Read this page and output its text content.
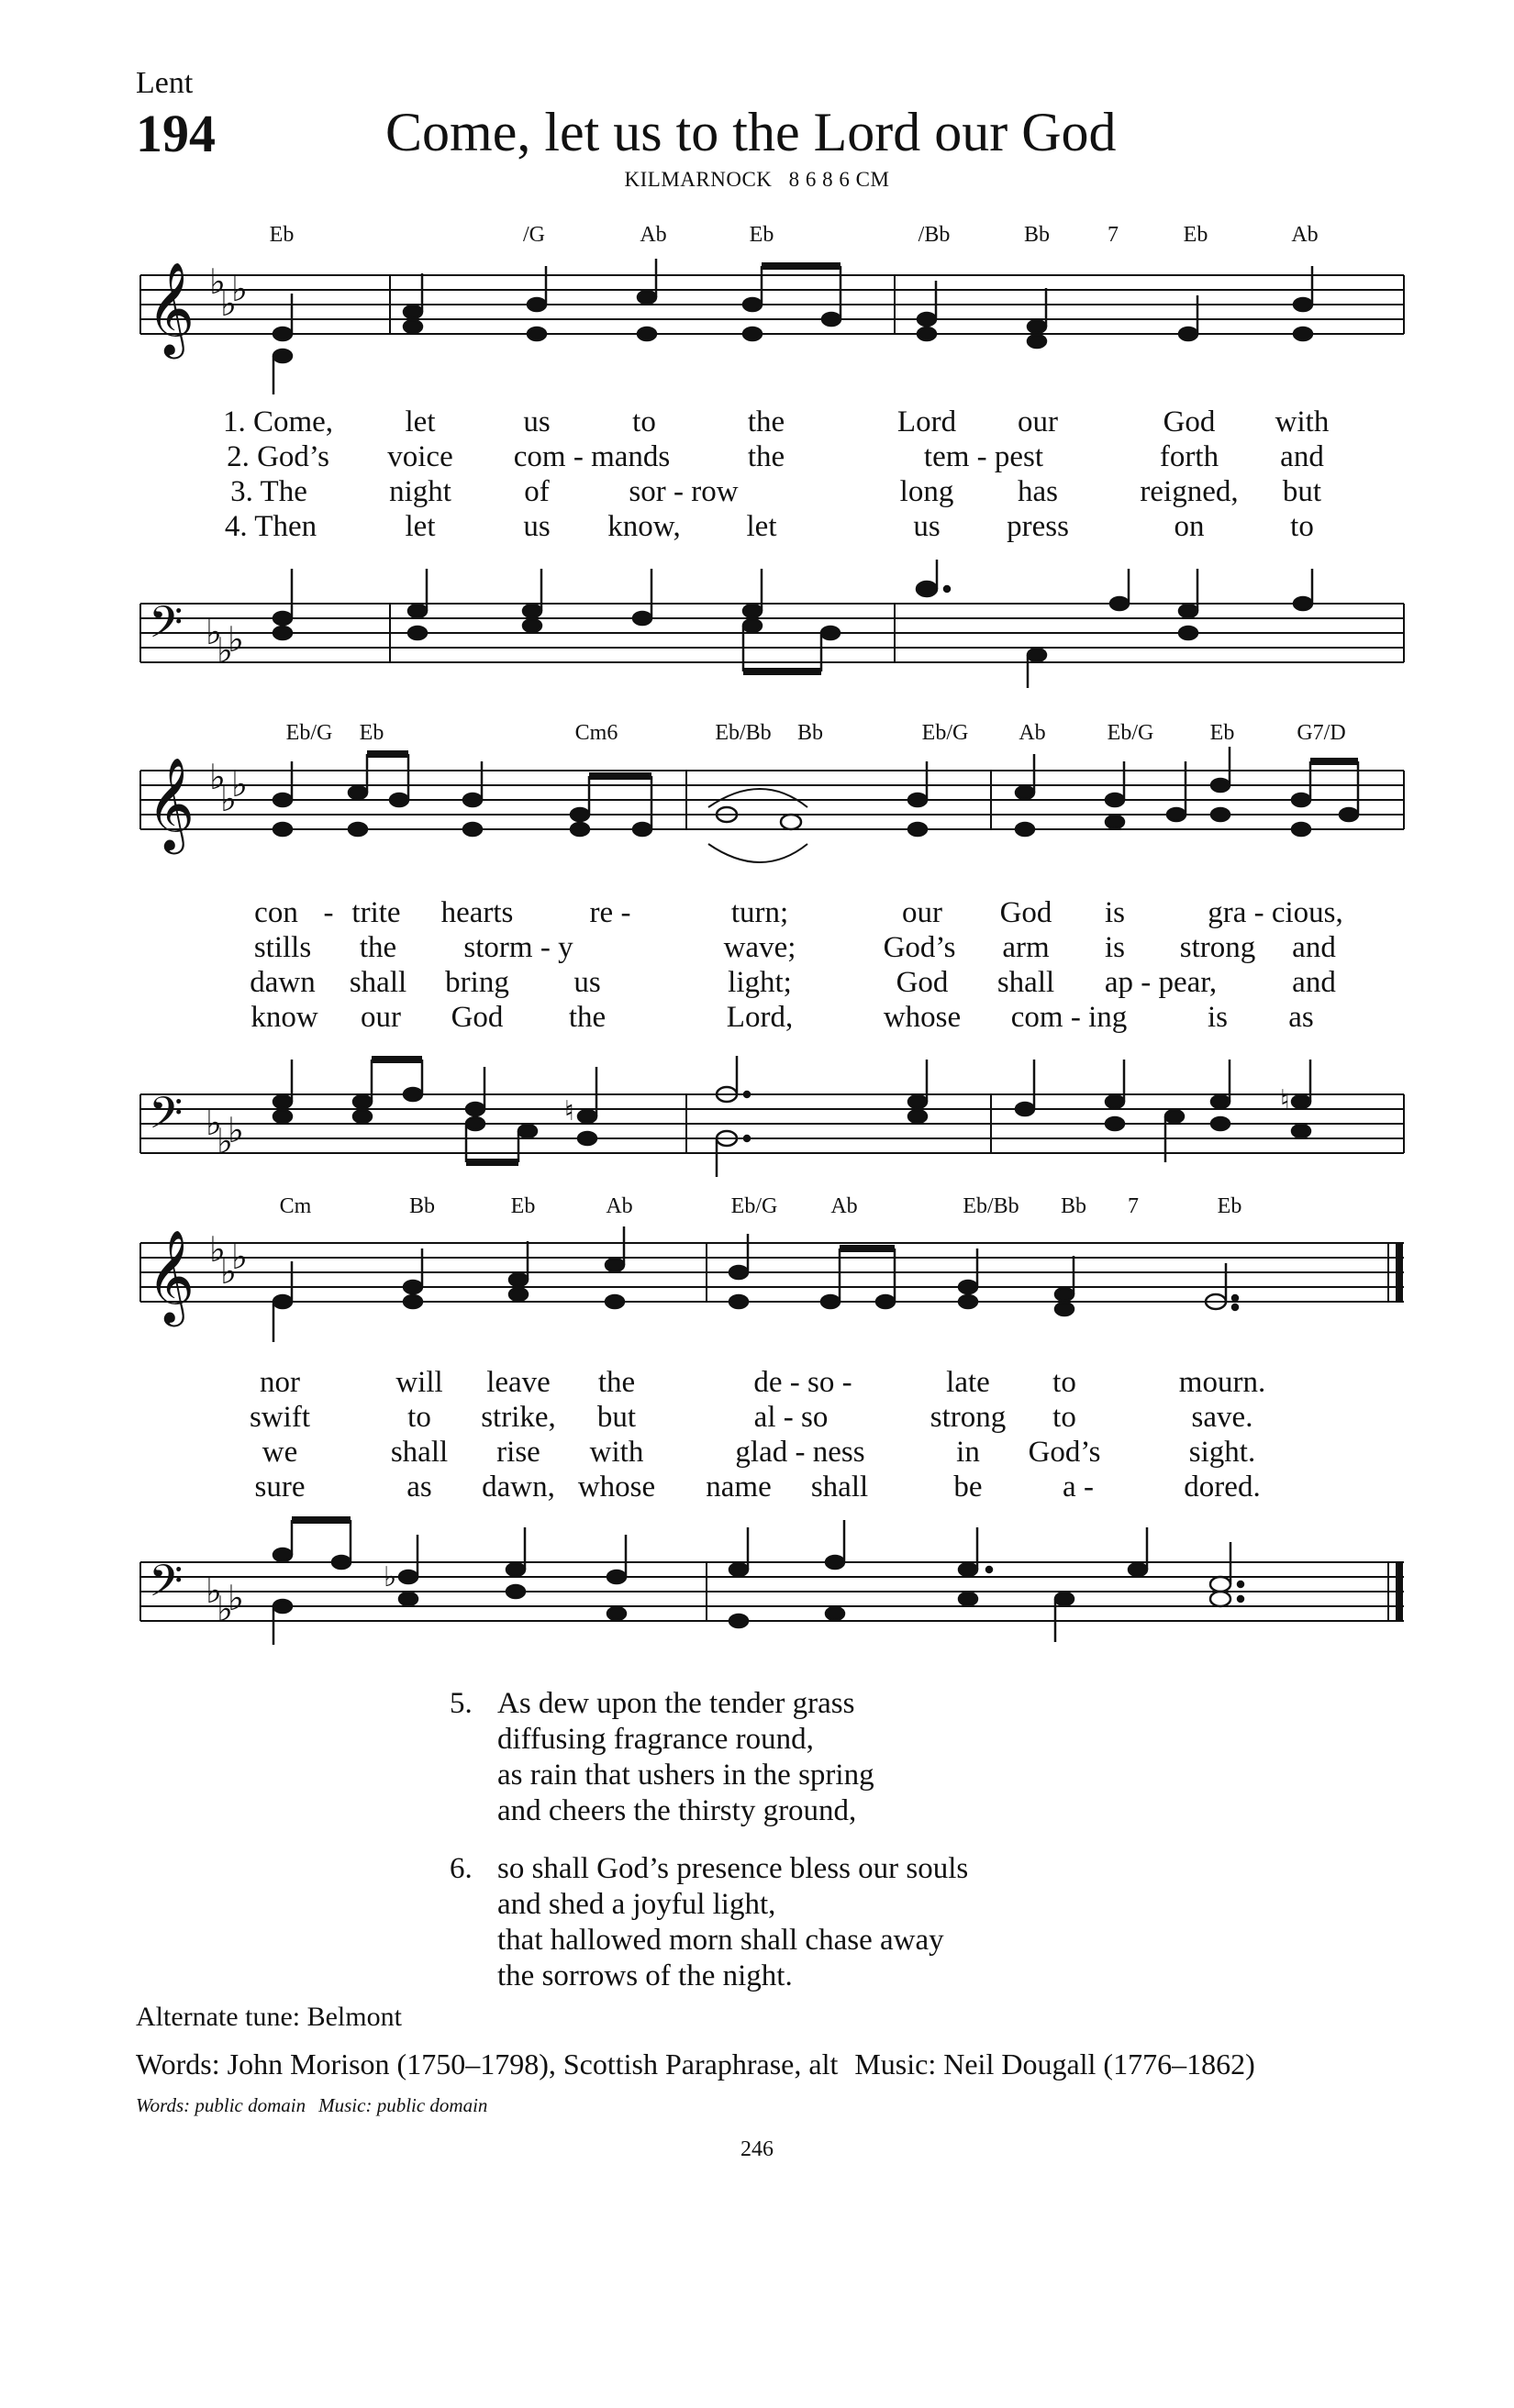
Lent
194	Come, let us to the Lord our God
KILMARNOCK 8 6 8 6 CM
Eb	/G	Ab	Eb	/Bb	Bb	7	Eb	Ab
𝄞 ♭
♭
♭
1. Come, let	us	to	the	Lord our	God with
2. God’s voice com - mands	the	tem - pest	forth and
3. The	night of	sor - row	long has	reigned, but
4. Then	let	us know, let	us press	on	to
𝄢 ♭
♭
♭
Eb/G Eb	Cm6	Eb/Bb Bb	Eb/G Ab	Eb/G	Eb	G7/D
𝄞 ♭
♭
♭
con - trite hearts	re -	turn;	our God is	gra - cious,
stills the storm - y	wave;	God’s arm is strong and
dawn shall bring us	light;	God shall ap - pear, and
know our God the	Lord,	whose com - ing	is as
𝄢 ♭
♭
♭
♮	♮
Cm	Bb	Eb	Ab	Eb/G Ab	Eb/Bb Bb 7	Eb
𝄞 ♭
♭
♭
nor	will leave the	de - so -	late to	mourn.
swift	to strike, but	al - so	strong to	save.
we	shall rise with	glad - ness	in God’s	sight.
sure	as dawn, whose name shall	be	a -	dored.
𝄢 ♭
♭
♭
♭
5. As dew upon the tender grass
diffusing fragrance round,
as rain that ushers in the spring
and cheers the thirsty ground,
6. so shall God’s presence bless our souls
and shed a joyful light,
that hallowed morn shall chase away
the sorrows of the night.
Alternate tune: Belmont
Words: John Morison (1750–1798), Scottish Paraphrase, alt Music: Neil Dougall (1776–1862)
Words: public domain Music: public domain
246
